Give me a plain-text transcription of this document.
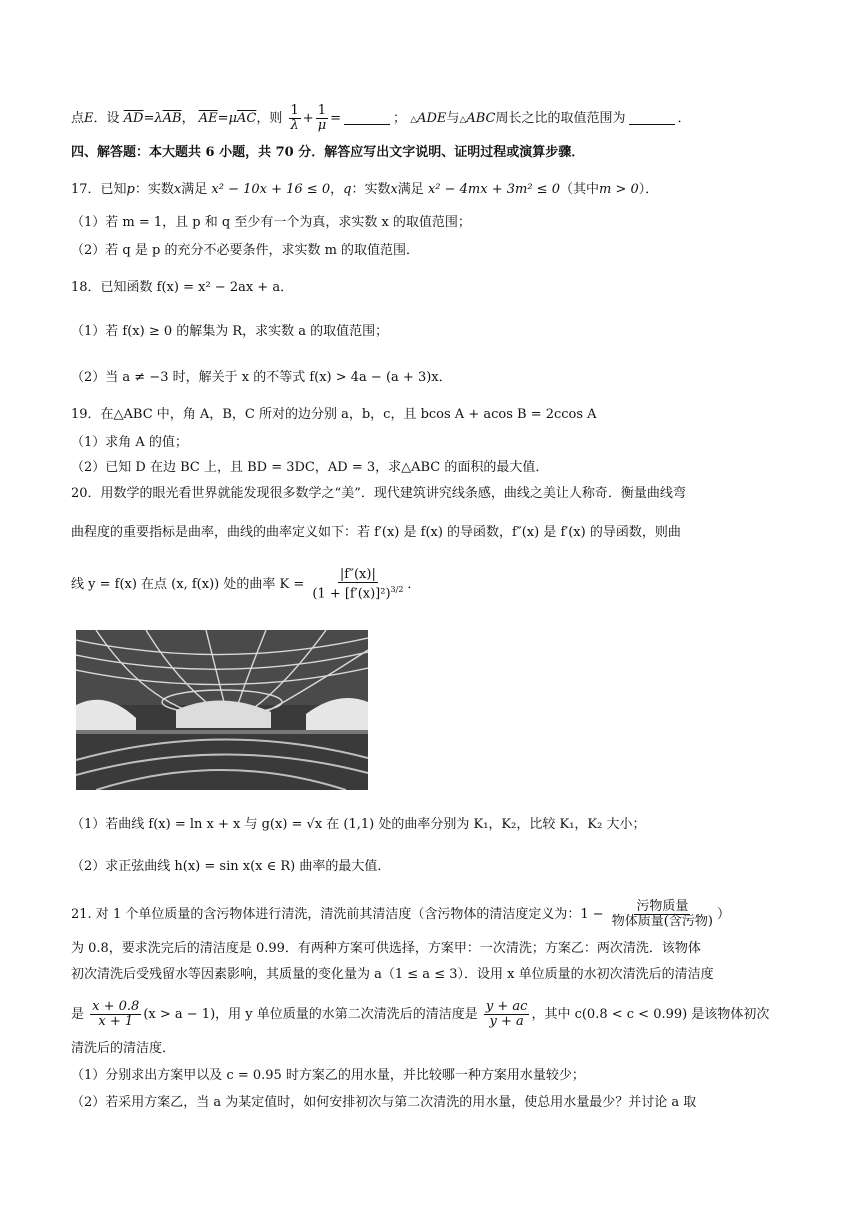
点E．设 $\overline{AD}=\lambda\overline{AB}$， $\overline{AE}=\mu\overline{AC}$，则 $\frac{1}{\lambda} + \frac{1}{\mu}$ =	； △ADE与△ABC周长之比的取值范围为	．
四、解答题：本大题共 6 小题，共 70 分．解答应写出文字说明、证明过程或演算步骤．
17．已知p：实数x满足 x² − 10x + 16 ≤ 0，q：实数x满足 x² − 4mx + 3m² ≤ 0（其中m > 0）．
（1）若 m = 1，且 p 和 q 至少有一个为真，求实数 x 的取值范围；
（2）若 q 是 p 的充分不必要条件，求实数 m 的取值范围．
18．已知函数 f(x) = x² − 2ax + a．
（1）若 f(x) ≥ 0 的解集为 R，求实数 a 的取值范围；
（2）当 a ≠ −3 时，解关于 x 的不等式 f(x) > 4a − (a + 3)x．
19．在△ABC 中，角 A，B，C 所对的边分别 a，b，c，且 bcos A + acos B = 2ccos A
（1）求角 A 的值；
（2）已知 D 在边 BC 上，且 BD = 3DC，AD = 3，求△ABC 的面积的最大值．
20．用数学的眼光看世界就能发现很多数学之“美”．现代建筑讲究线条感，曲线之美让人称奇．衡量曲线弯
曲程度的重要指标是曲率，曲线的曲率定义如下：若 f′(x) 是 f(x) 的导函数，f″(x) 是 f′(x) 的导函数，则曲
线 y = f(x) 在点 (x, f(x)) 处的曲率 $K = \frac{|f''(x)|}{(1 + [f'(x)]^2)^{3/2}}$ ．
（1）若曲线 f(x) = ln x + x 与 g(x) = √x 在 (1,1) 处的曲率分别为 K₁，K₂，比较 K₁，K₂ 大小；
（2）求正弦曲线 h(x) = sin x(x ∈ R) 曲率的最大值．
21. 对 1 个单位质量的含污物体进行清洗，清洗前其清洁度（含污物体的清洁度定义为：$1 - \frac{\text{污物质量}}{\text{物体质量(含污物)}}$ ）
为 0.8，要求洗完后的清洁度是 0.99．有两种方案可供选择，方案甲：一次清洗；方案乙：两次清洗．该物体
初次清洗后受残留水等因素影响，其质量的变化量为 a（1 ≤ a ≤ 3）．设用 x 单位质量的水初次清洗后的清洁度
是 $\frac{x + 0.8}{x + 1} (x > a - 1)$，用 y 单位质量的水第二次清洗后的清洁度是 $\frac{y + ac}{y + a}$ ，其中 c(0.8 < c < 0.99) 是该物体初次
清洗后的清洁度．
（1）分别求出方案甲以及 c = 0.95 时方案乙的用水量，并比较哪一种方案用水量较少；
（2）若采用方案乙，当 a 为某定值时，如何安排初次与第二次清洗的用水量，使总用水量最少？并讨论 a 取
